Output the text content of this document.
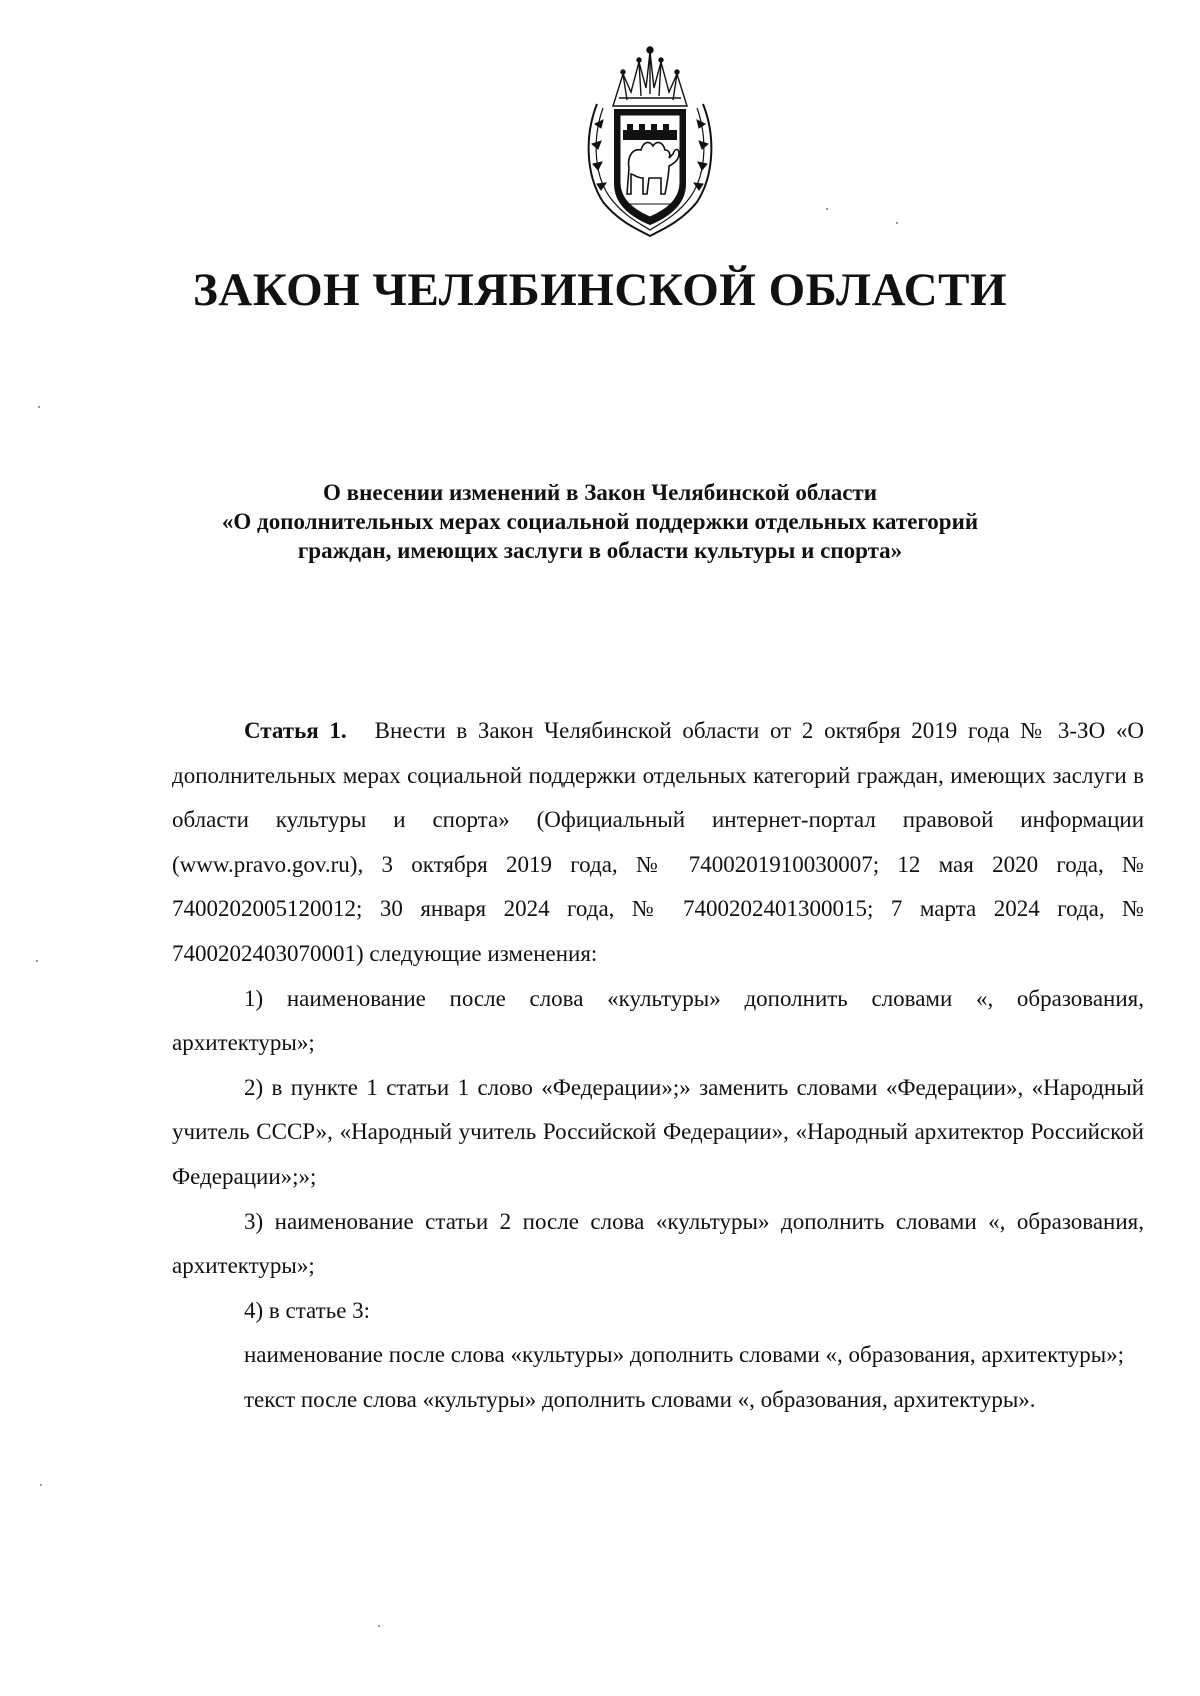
ЗАКОН ЧЕЛЯБИНСКОЙ ОБЛАСТИ
О внесении изменений в Закон Челябинской области
«О дополнительных мерах социальной поддержки отдельных категорий
граждан, имеющих заслуги в области культуры и спорта»

Статья 1. Внести в Закон Челябинской области от 2 октября 2019 года № 3-ЗО «О дополнительных мерах социальной поддержки отдельных категорий граждан, имеющих заслуги в области культуры и спорта» (Официальный интернет-портал правовой информации (www.pravo.gov.ru), 3 октября 2019 года, № 7400201910030007; 12 мая 2020 года, № 7400202005120012; 30 января 2024 года, № 7400202401300015; 7 марта 2024 года, № 7400202403070001) следующие изменения:

1) наименование после слова «культуры» дополнить словами «, образования, архитектуры»;

2) в пункте 1 статьи 1 слово «Федерации»;» заменить словами «Федерации», «Народный учитель СССР», «Народный учитель Российской Федерации», «Народный архитектор Российской Федерации»;»;

3) наименование статьи 2 после слова «культуры» дополнить словами «, образования, архитектуры»;

4) в статье 3:

наименование после слова «культуры» дополнить словами «, образования, архитектуры»;

текст после слова «культуры» дополнить словами «, образования, архитектуры».
